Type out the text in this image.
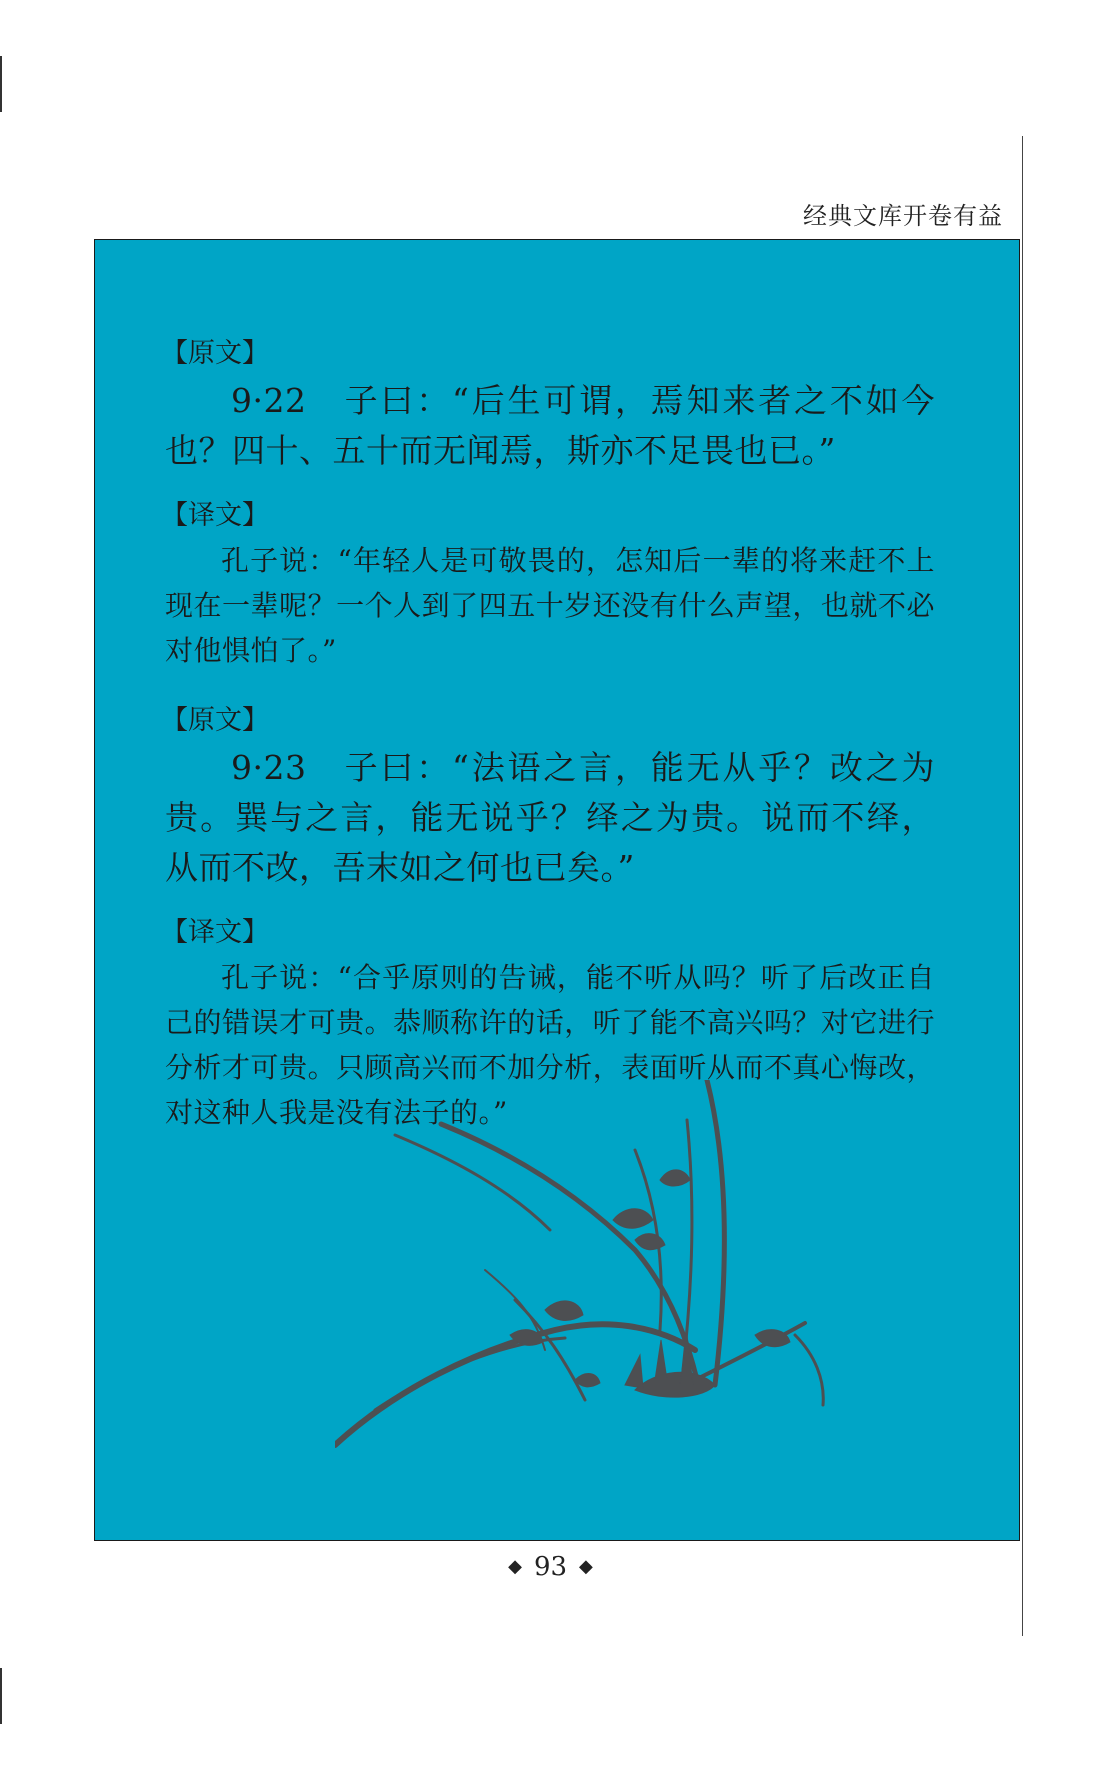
经典文库开卷有益
【原文】

9·22　子曰：“后生可谓，焉知来者之不如今也？四十、五十而无闻焉，斯亦不足畏也已。”

【译文】

孔子说：“年轻人是可敬畏的，怎知后一辈的将来赶不上现在一辈呢？一个人到了四五十岁还没有什么声望，也就不必对他惧怕了。”

【原文】

9·23　子曰：“法语之言，能无从乎？改之为贵。巽与之言，能无说乎？绎之为贵。说而不绎，从而不改，吾末如之何也已矣。”

【译文】

孔子说：“合乎原则的告诫，能不听从吗？听了后改正自己的错误才可贵。恭顺称许的话，听了能不高兴吗？对它进行分析才可贵。只顾高兴而不加分析，表面听从而不真心悔改，对这种人我是没有法子的。”

◆ 93 ◆
